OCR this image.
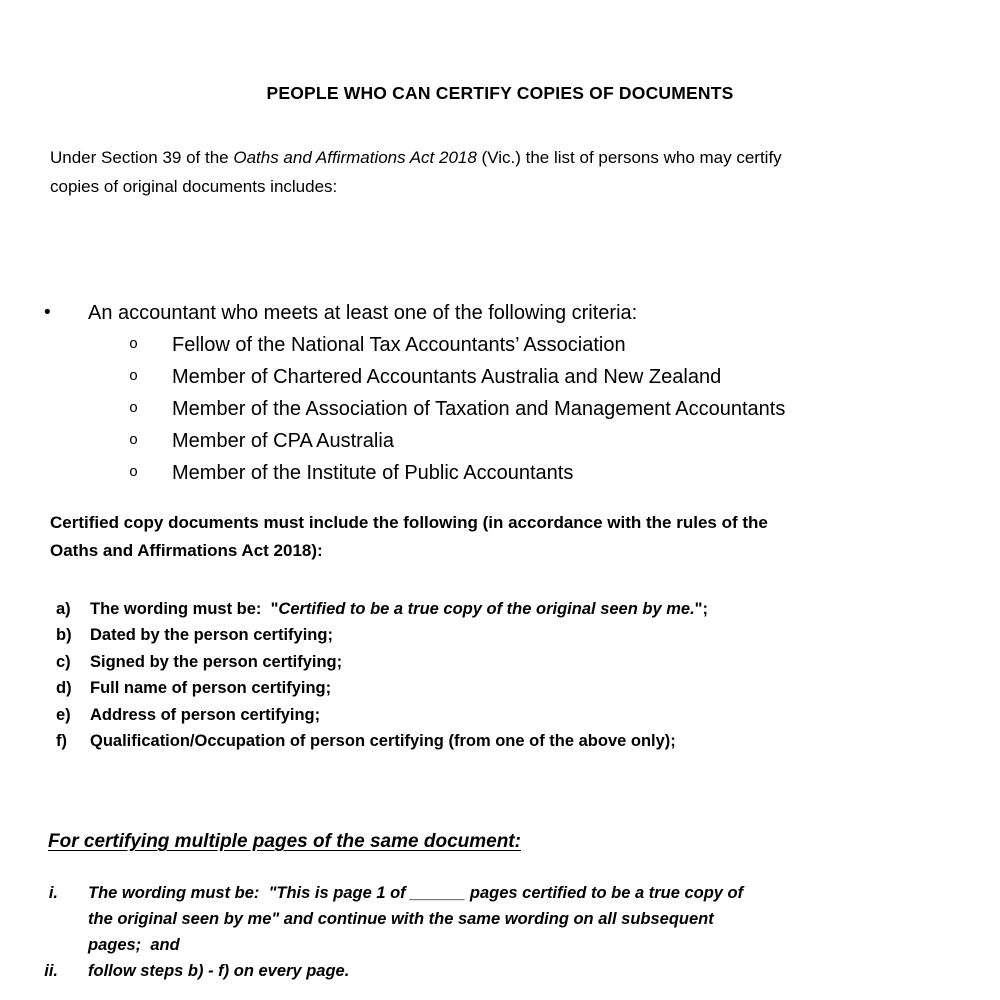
PEOPLE WHO CAN CERTIFY COPIES OF DOCUMENTS
Under Section 39 of the Oaths and Affirmations Act 2018 (Vic.) the list of persons who may certify
copies of original documents includes:
•	An accountant who meets at least one of the following criteria:
o	Fellow of the National Tax Accountants’ Association
o	Member of Chartered Accountants Australia and New Zealand
o	Member of the Association of Taxation and Management Accountants
o	Member of CPA Australia
o	Member of the Institute of Public Accountants
Certified copy documents must include the following (in accordance with the rules of the
Oaths and Affirmations Act 2018):
a)	The wording must be:  "Certified to be a true copy of the original seen by me.";
b)	Dated by the person certifying;
c)	Signed by the person certifying;
d)	Full name of person certifying;
e)	Address of person certifying;
f)	Qualification/Occupation of person certifying (from one of the above only);
For certifying multiple pages of the same document:
i. The wording must be:  "This is page 1 of ______ pages certified to be a true copy of
the original seen by me" and continue with the same wording on all subsequent
pages;  and
ii. follow steps b) - f) on every page.
